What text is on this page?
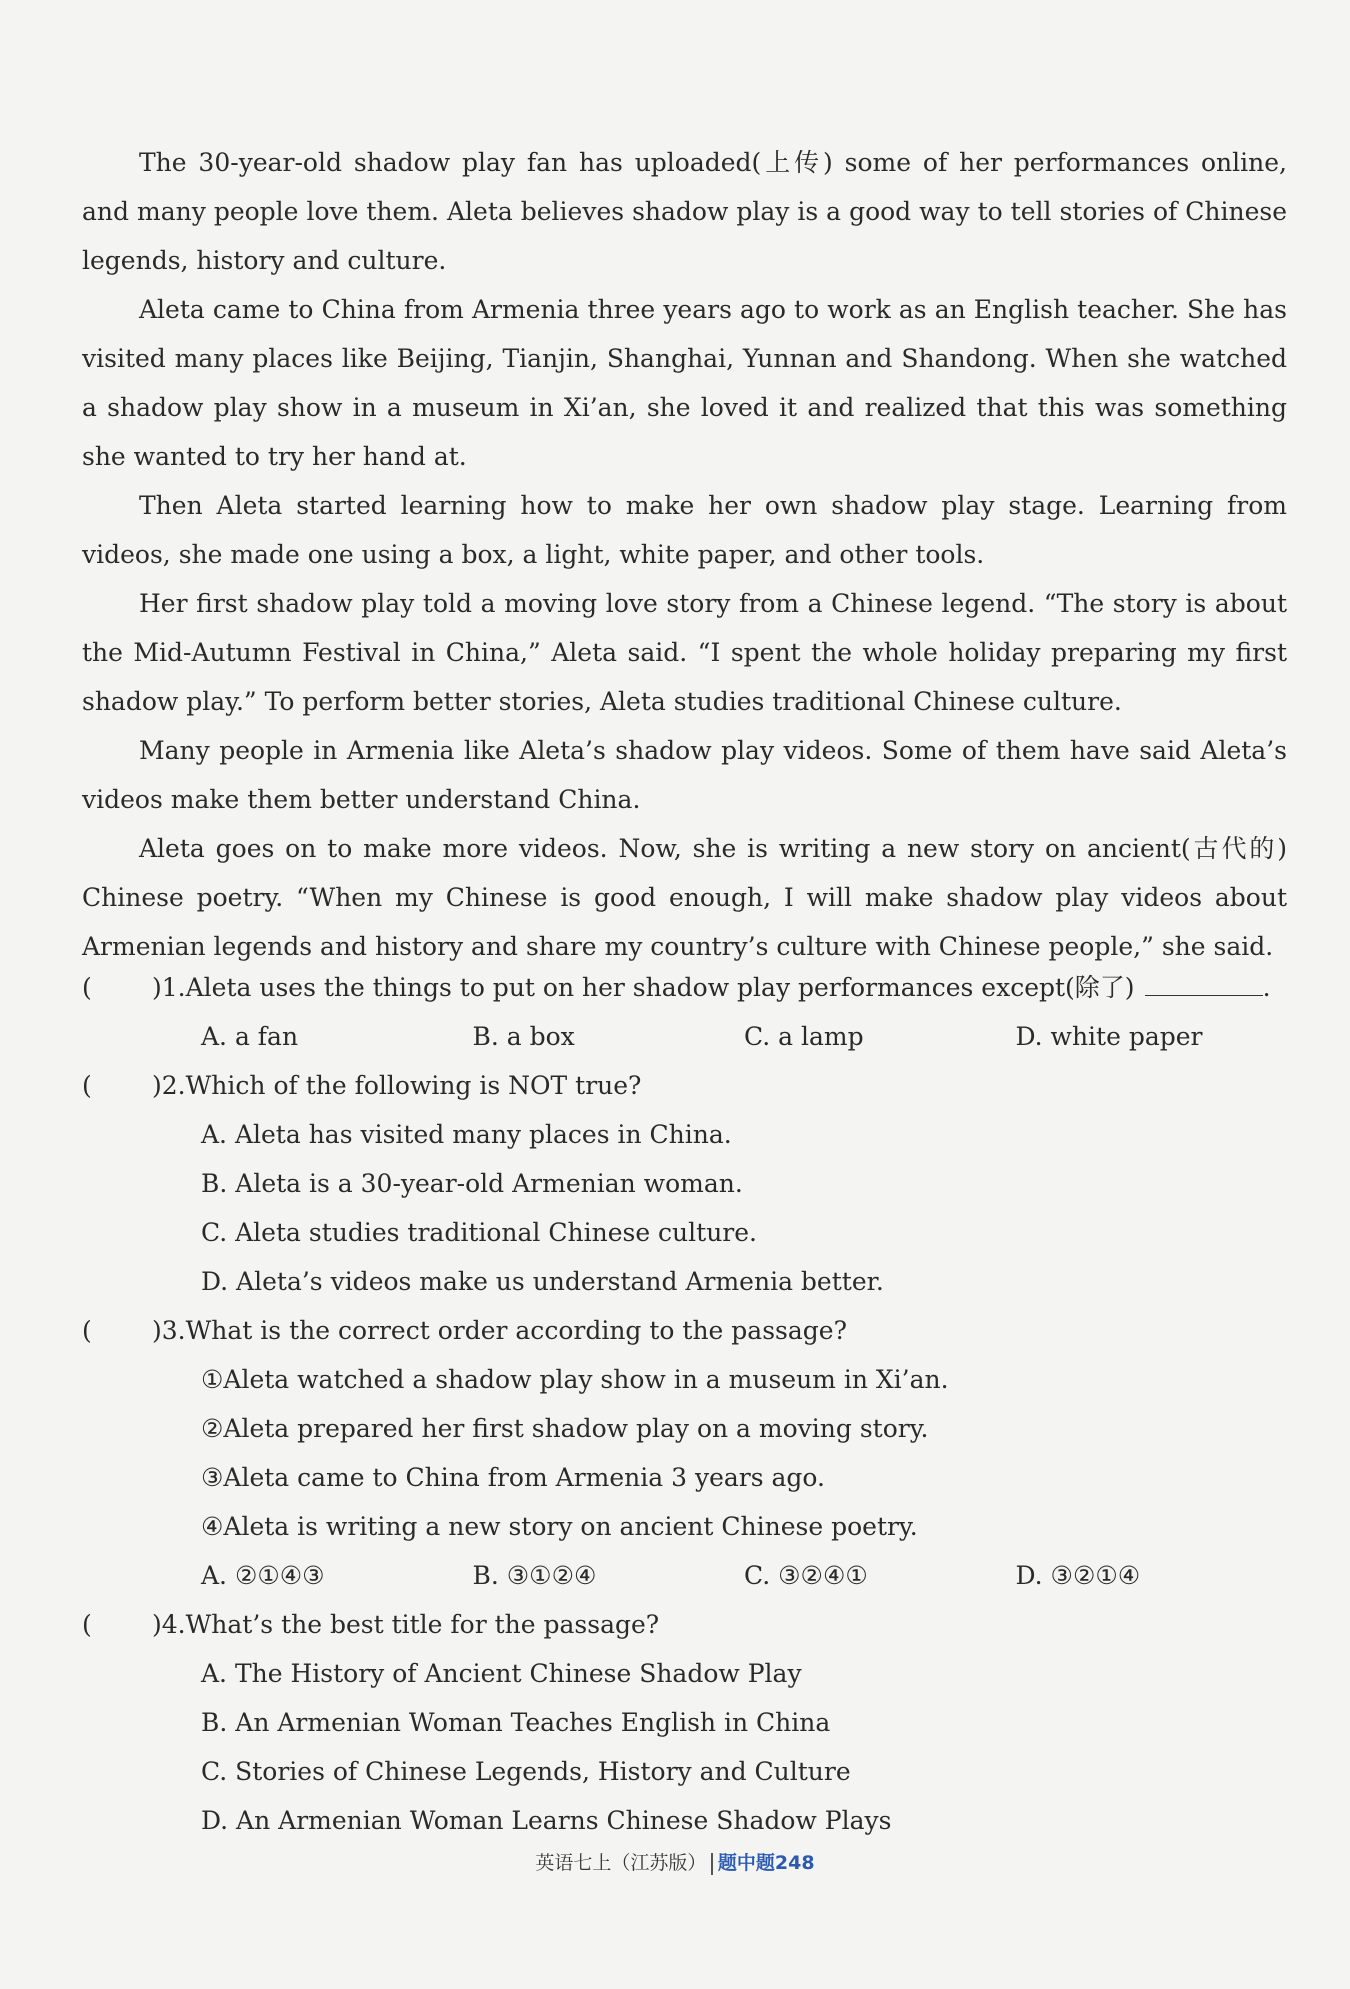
The 30-year-old shadow play fan has uploaded(上传) some of her performances online, and many people love them. Aleta believes shadow play is a good way to tell stories of Chinese legends, history and culture.

Aleta came to China from Armenia three years ago to work as an English teacher. She has visited many places like Beijing, Tianjin, Shanghai, Yunnan and Shandong. When she watched a shadow play show in a museum in Xi’an, she loved it and realized that this was something she wanted to try her hand at.

Then Aleta started learning how to make her own shadow play stage. Learning from videos, she made one using a box, a light, white paper, and other tools.

Her first shadow play told a moving love story from a Chinese legend. “The story is about the Mid-Autumn Festival in China,” Aleta said. “I spent the whole holiday preparing my first shadow play.” To perform better stories, Aleta studies traditional Chinese culture.

Many people in Armenia like Aleta’s shadow play videos. Some of them have said Aleta’s videos make them better understand China.

Aleta goes on to make more videos. Now, she is writing a new story on ancient(古代的) Chinese poetry. “When my Chinese is good enough, I will make shadow play videos about Armenian legends and history and share my country’s culture with Chinese people,” she said.

(	)1. Aleta uses the things to put on her shadow play performances except(除了)	.
A. a fan	B. a box	C. a lamp	D. white paper
(	)2. Which of the following is NOT true?
A. Aleta has visited many places in China.
B. Aleta is a 30-year-old Armenian woman.
C. Aleta studies traditional Chinese culture.
D. Aleta’s videos make us understand Armenia better.
(	)3. What is the correct order according to the passage?
①Aleta watched a shadow play show in a museum in Xi’an.
②Aleta prepared her first shadow play on a moving story.
③Aleta came to China from Armenia 3 years ago.
④Aleta is writing a new story on ancient Chinese poetry.
A. ②①④③	B. ③①②④	C. ③②④①	D. ③②①④
(	)4. What’s the best title for the passage?
A. The History of Ancient Chinese Shadow Play
B. An Armenian Woman Teaches English in China
C. Stories of Chinese Legends, History and Culture
D. An Armenian Woman Learns Chinese Shadow Plays
英语七上（江苏版） 题中题248
